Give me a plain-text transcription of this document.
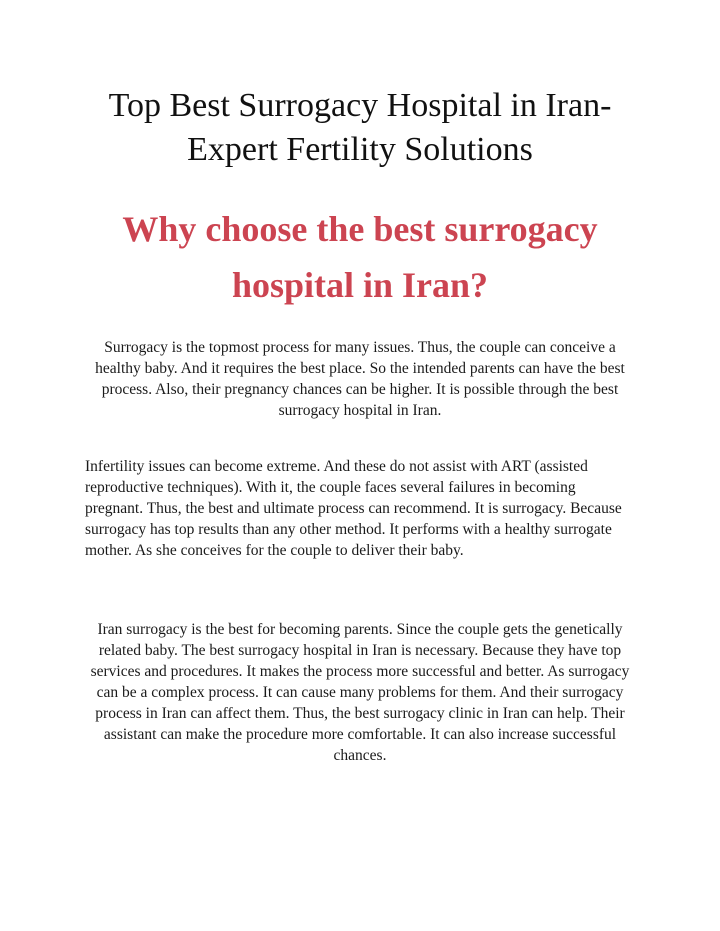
Top Best Surrogacy Hospital in Iran- Expert Fertility Solutions
Why choose the best surrogacy hospital in Iran?

Surrogacy is the topmost process for many issues. Thus, the couple can conceive a healthy baby. And it requires the best place. So the intended parents can have the best process. Also, their pregnancy chances can be higher. It is possible through the best surrogacy hospital in Iran.

Infertility issues can become extreme. And these do not assist with ART (assisted reproductive techniques). With it, the couple faces several failures in becoming pregnant. Thus, the best and ultimate process can recommend. It is surrogacy. Because surrogacy has top results than any other method. It performs with a healthy surrogate mother. As she conceives for the couple to deliver their baby.

Iran surrogacy is the best for becoming parents. Since the couple gets the genetically related baby. The best surrogacy hospital in Iran is necessary. Because they have top services and procedures. It makes the process more successful and better. As surrogacy can be a complex process. It can cause many problems for them. And their surrogacy process in Iran can affect them. Thus, the best surrogacy clinic in Iran can help. Their assistant can make the procedure more comfortable. It can also increase successful chances.
